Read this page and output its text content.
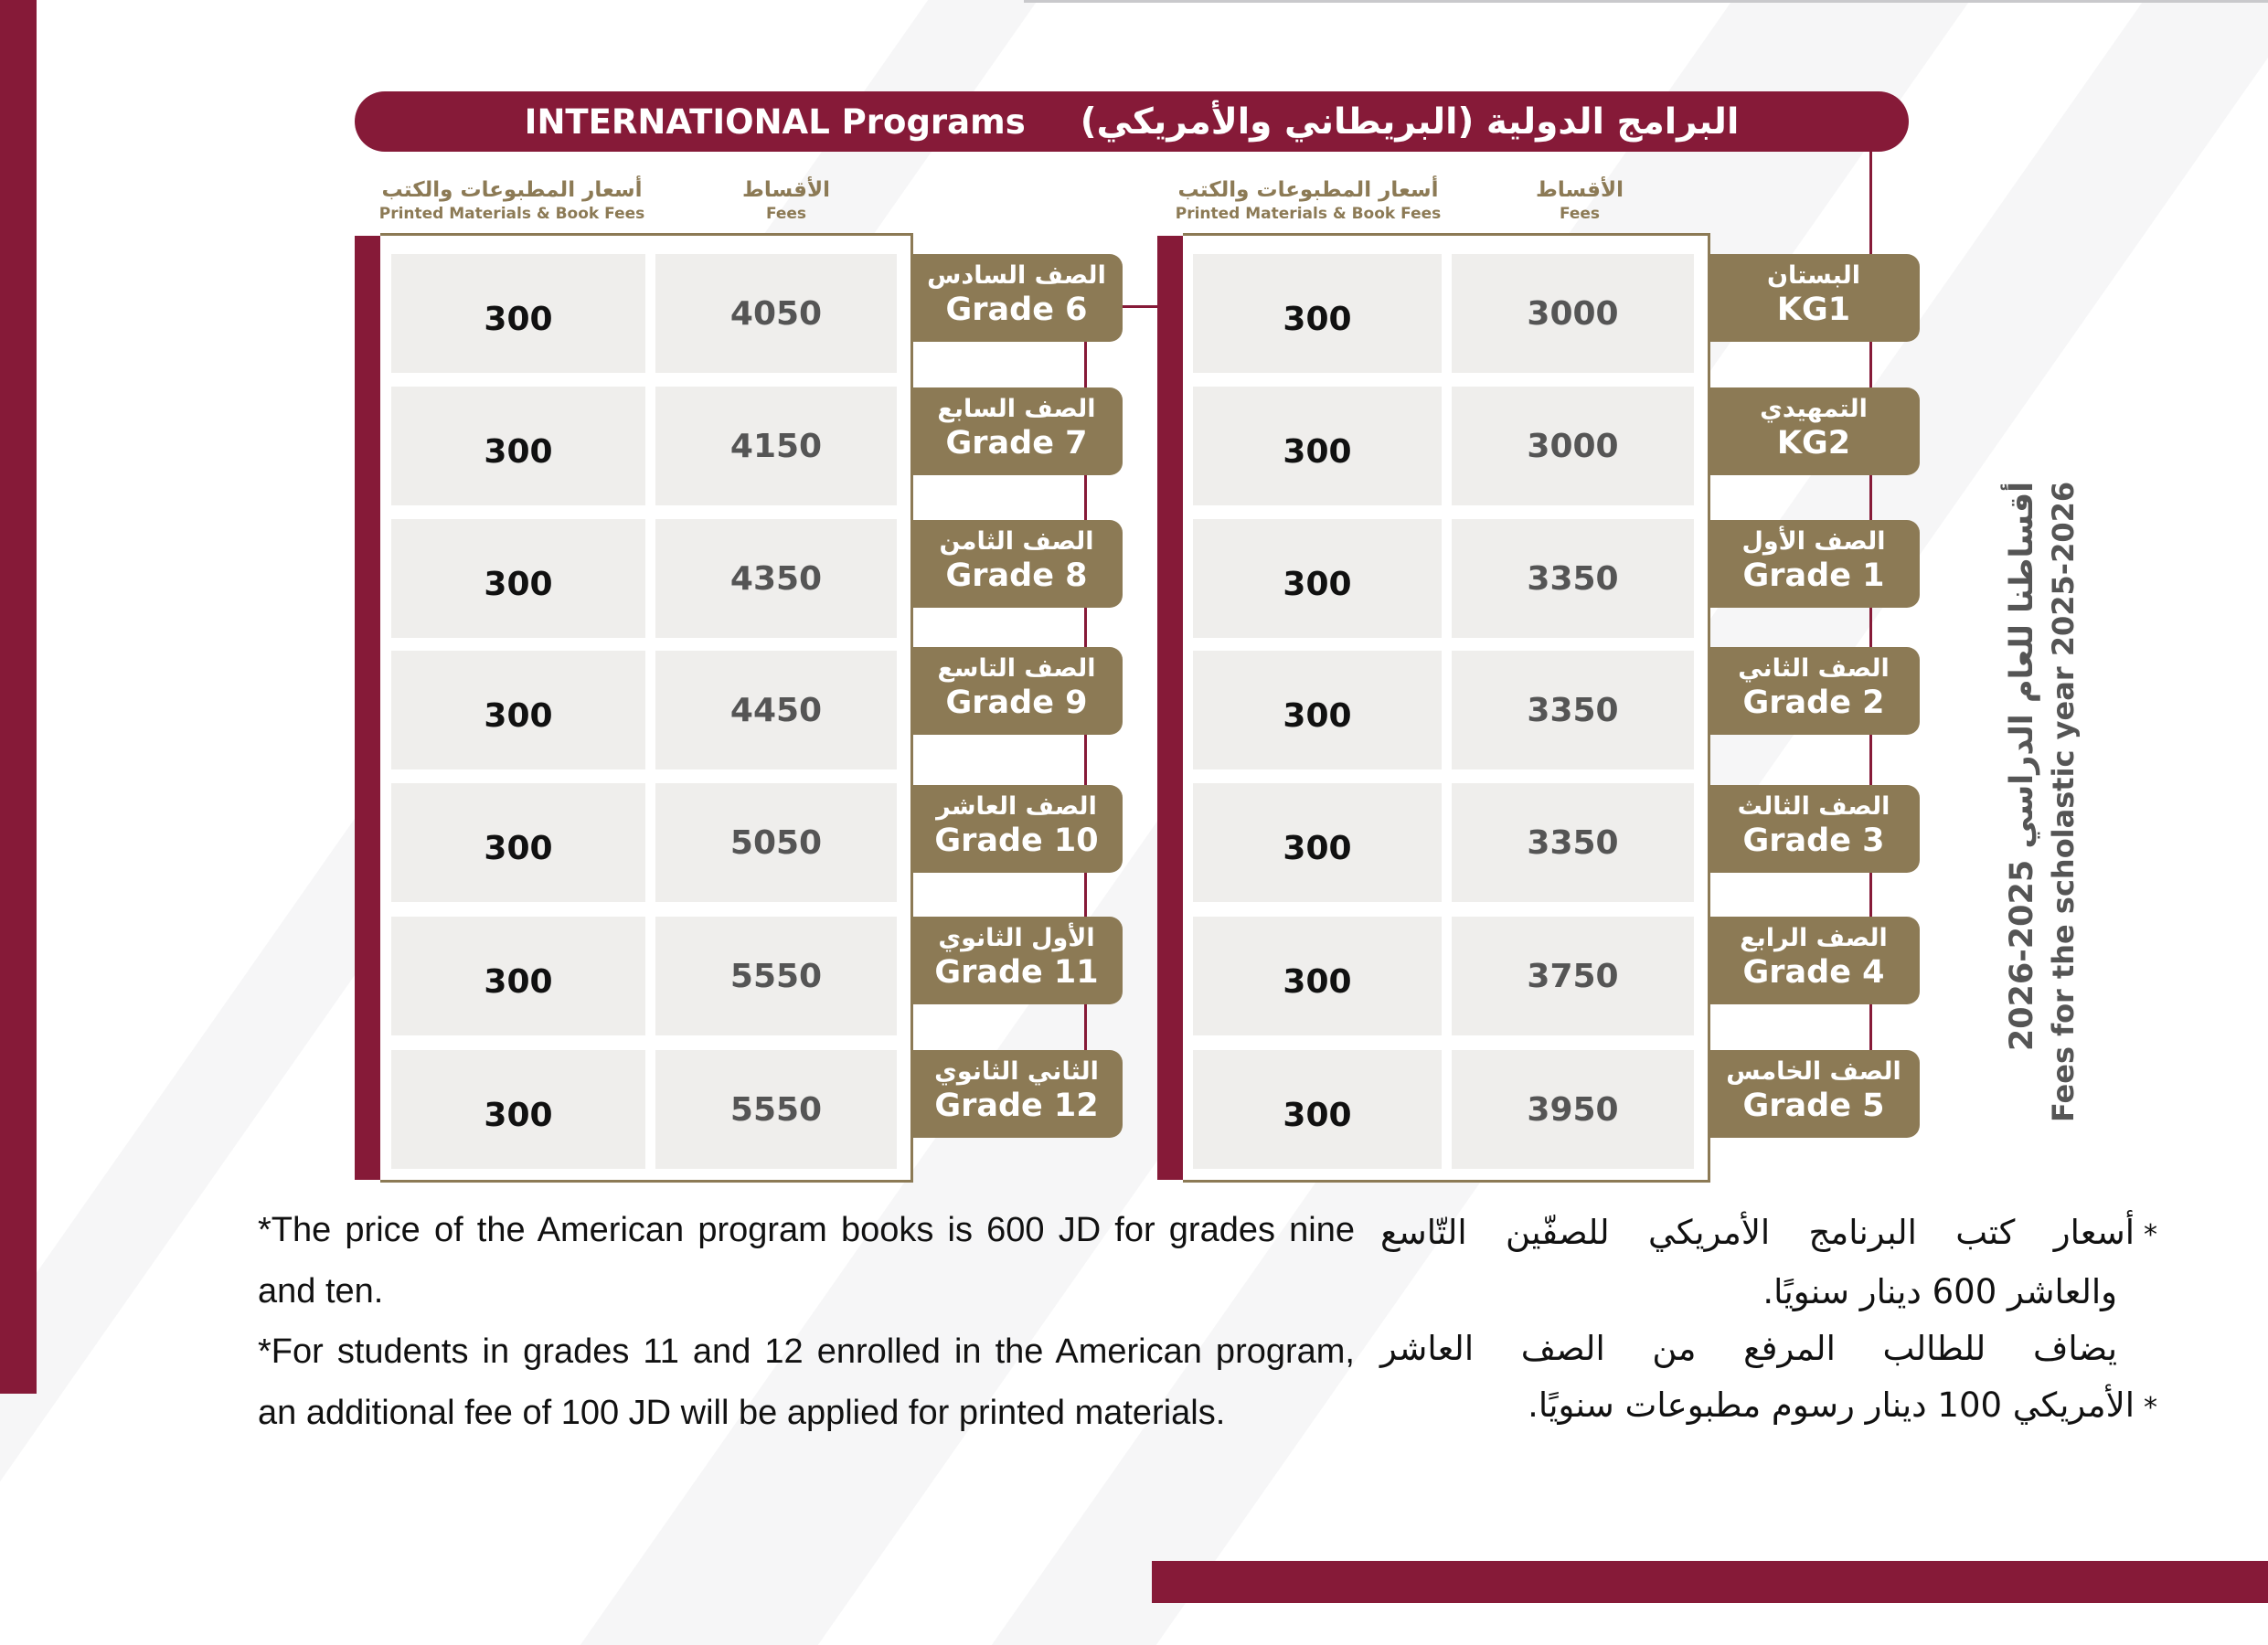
INTERNATIONAL Programs البرامج الدولية (البريطاني والأمريكي)
أسعار المطبوعات والكتب
Printed Materials & Book Fees
الأقساط
Fees
أسعار المطبوعات والكتب
Printed Materials & Book Fees
الأقساط
Fees
300	4050
الصف السادس
Grade 6
300	4150
الصف السابع
Grade 7
300	4350
الصف الثامن
Grade 8
300	4450
الصف التاسع
Grade 9
300	5050
الصف العاشر
Grade 10
300	5550
الأول الثانوي
Grade 11
300	5550
الثاني الثانوي
Grade 12
300	3000
البستان
KG1
300	3000
التمهيدي
KG2
300	3350
الصف الأول
Grade 1
300	3350
الصف الثاني
Grade 2
300	3350
الصف الثالث
Grade 3
300	3750
الصف الرابع
Grade 4
300	3950
الصف الخامس
Grade 5
أقساطنا للعام الدراسي 2025-2026 Fees for the scholastic year 2025-2026
*The price of the American program books is 600 JD for grades nine and ten.
*For students in grades 11 and 12 enrolled in the American program, an additional fee of 100 JD will be applied for printed materials.

*أسعار كتب البرنامج الأمريكي للصفّين التّاسع

والعاشر 600 دينار سنويًا.

يضاف للطالب المرفع من الصف العاشر

*الأمريكي 100 دينار رسوم مطبوعات سنويًا.
